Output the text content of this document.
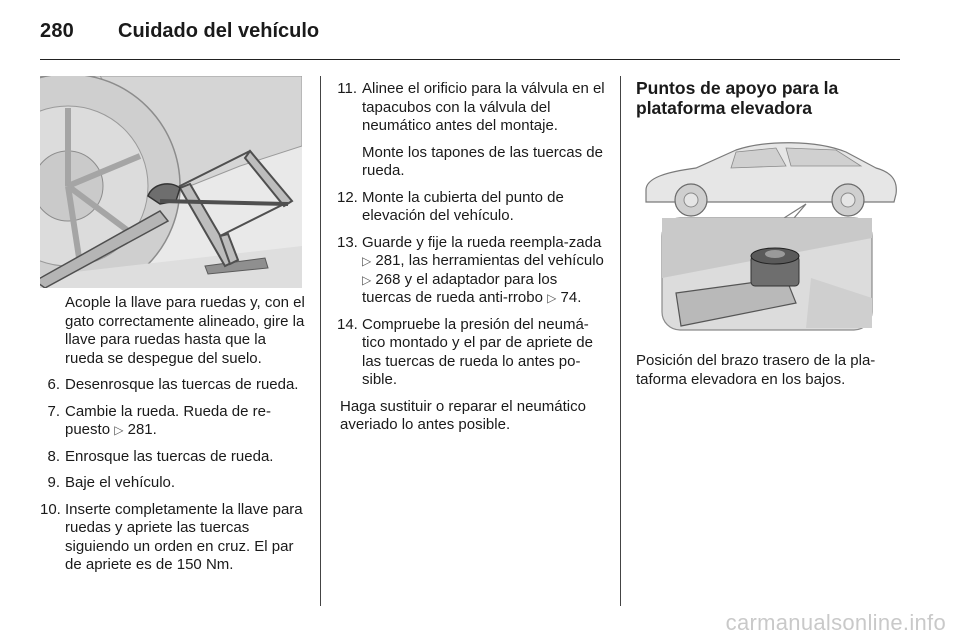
280 Cuidado del vehículo
Acople la llave para ruedas y, con el gato correctamente alineado, gire la llave para ruedas hasta que la rueda se despegue del suelo.
6. Desenrosque las tuercas de rueda.
7. Cambie la rueda. Rueda de re-puesto ▷ 281.
8. Enrosque las tuercas de rueda.
9. Baje el vehículo.
10. Inserte completamente la llave para ruedas y apriete las tuercas siguiendo un orden en cruz. El par de apriete es de 150 Nm.
11. Alinee el orificio para la válvula en el tapacubos con la válvula del neumático antes del montaje.
Monte los tapones de las tuercas de rueda.
12. Monte la cubierta del punto de elevación del vehículo.
13. Guarde y fije la rueda reempla-zada ▷ 281, las herramientas del vehículo ▷ 268 y el adaptador para los tuercas de rueda anti-rrobo ▷ 74.
14. Compruebe la presión del neumá-tico montado y el par de apriete de las tuercas de rueda lo antes po-sible.
Haga sustituir o reparar el neumático averiado lo antes posible.
Puntos de apoyo para la plataforma elevadora
Posición del brazo trasero de la pla-taforma elevadora en los bajos.
carmanualsonline.info
